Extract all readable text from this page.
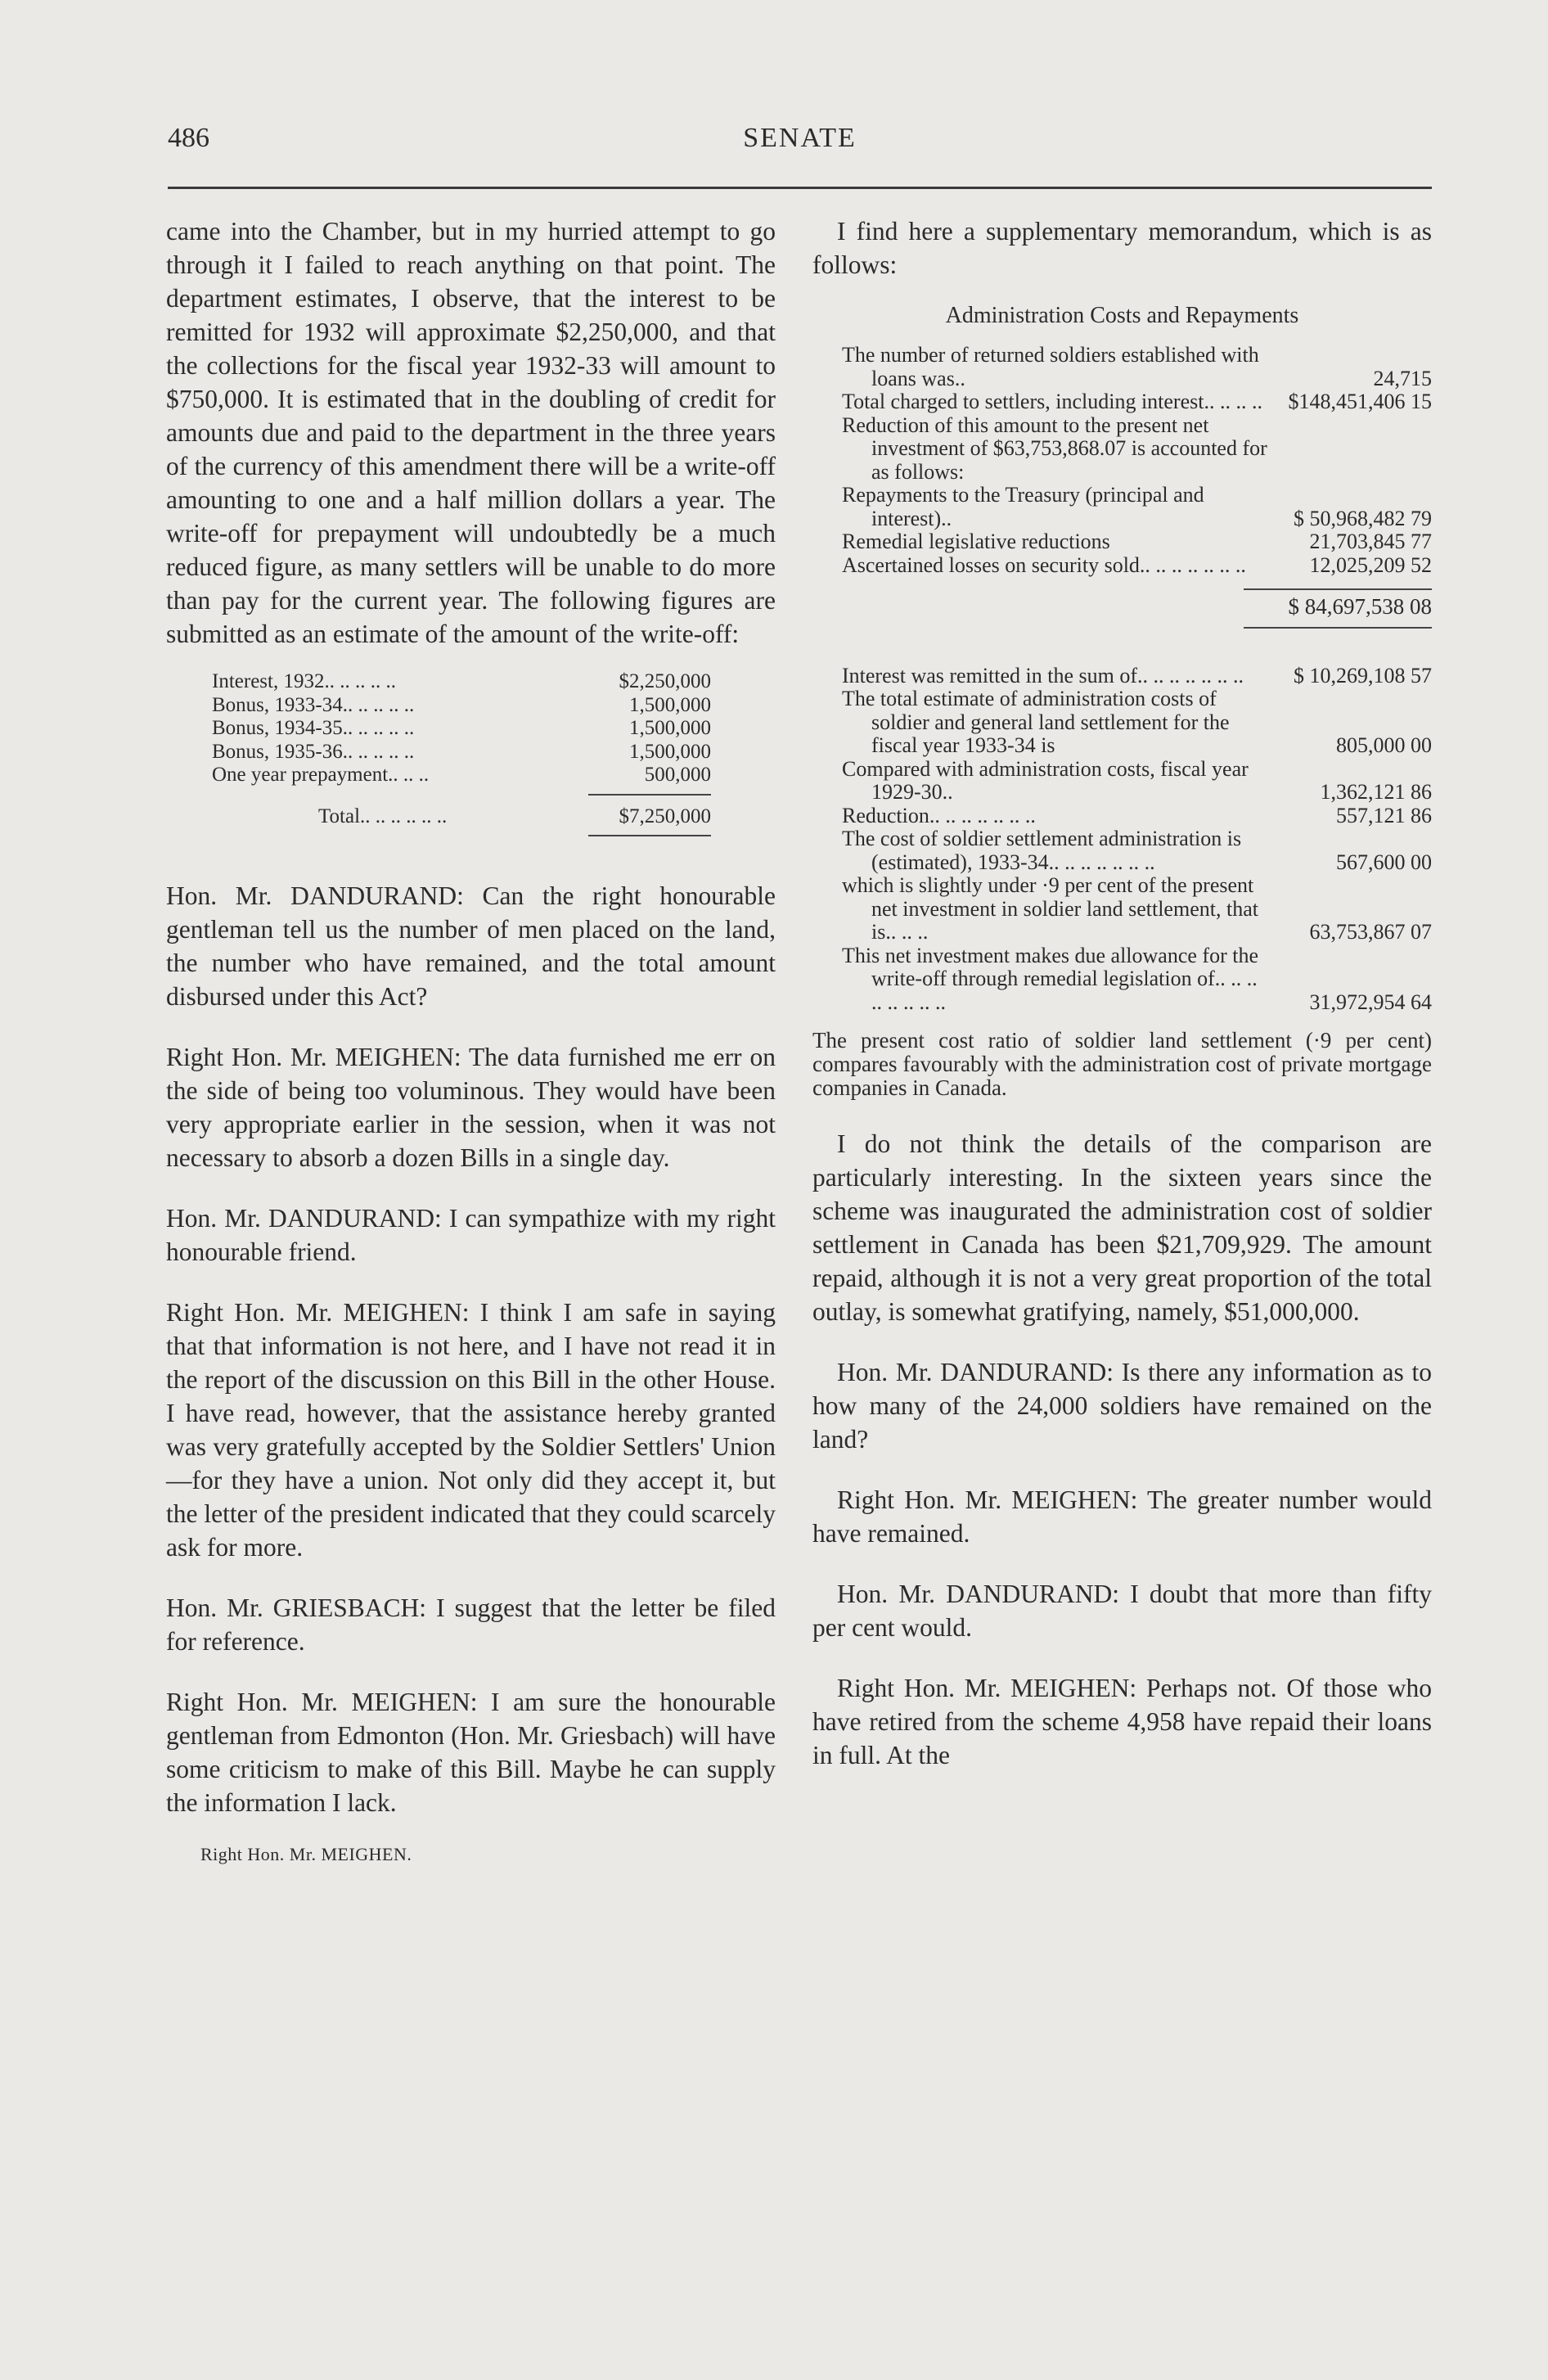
486	SENATE

came into the Chamber, but in my hurried attempt to go through it I failed to reach anything on that point. The department estimates, I observe, that the interest to be remitted for 1932 will approximate $2,250,000, and that the collections for the fiscal year 1932-33 will amount to $750,000. It is estimated that in the doubling of credit for amounts due and paid to the department in the three years of the currency of this amendment there will be a write-off amounting to one and a half million dollars a year. The write-off for prepayment will undoubtedly be a much reduced figure, as many settlers will be unable to do more than pay for the current year. The following figures are submitted as an estimate of the amount of the write-off:

Interest, 1932.. .. .. .. ..	$2,250,000
Bonus, 1933-34.. .. .. .. ..	1,500,000
Bonus, 1934-35.. .. .. .. ..	1,500,000
Bonus, 1935-36.. .. .. .. ..	1,500,000
One year prepayment.. .. ..	500,000
Total.. .. .. .. .. ..	$7,250,000

Hon. Mr. DANDURAND: Can the right honourable gentleman tell us the number of men placed on the land, the number who have remained, and the total amount disbursed under this Act?

Right Hon. Mr. MEIGHEN: The data furnished me err on the side of being too voluminous. They would have been very appropriate earlier in the session, when it was not necessary to absorb a dozen Bills in a single day.

Hon. Mr. DANDURAND: I can sympathize with my right honourable friend.

Right Hon. Mr. MEIGHEN: I think I am safe in saying that that information is not here, and I have not read it in the report of the discussion on this Bill in the other House. I have read, however, that the assistance hereby granted was very gratefully accepted by the Soldier Settlers' Union —for they have a union. Not only did they accept it, but the letter of the president indicated that they could scarcely ask for more.

Hon. Mr. GRIESBACH: I suggest that the letter be filed for reference.

Right Hon. Mr. MEIGHEN: I am sure the honourable gentleman from Edmonton (Hon. Mr. Griesbach) will have some criticism to make of this Bill. Maybe he can supply the information I lack.

Right Hon. Mr. MEIGHEN.

I find here a supplementary memorandum, which is as follows:

Administration Costs and Repayments
The number of returned soldiers established with loans was..	24,715
Total charged to settlers, including interest.. .. .. ..	$148,451,406 15
Reduction of this amount to the present net investment of $63,753,868.07 is accounted for as follows:
Repayments to the Treasury (principal and interest)..	$ 50,968,482 79
Remedial legislative reductions	21,703,845 77
Ascertained losses on security sold.. .. .. .. .. .. ..	12,025,209 52
$ 84,697,538 08
Interest was remitted in the sum of.. .. .. .. .. .. ..	$ 10,269,108 57
The total estimate of administration costs of soldier and general land settlement for the fiscal year 1933-34 is	805,000 00
Compared with administration costs, fiscal year 1929-30..	1,362,121 86
Reduction.. .. .. .. .. .. ..	557,121 86
The cost of soldier settlement administration is (estimated), 1933-34.. .. .. .. .. .. ..	567,600 00
which is slightly under ·9 per cent of the present net investment in soldier land settlement, that is.. .. ..	63,753,867 07
This net investment makes due allowance for the write-off through remedial legislation of.. .. .. .. .. .. .. ..	31,972,954 64

The present cost ratio of soldier land settlement (·9 per cent) compares favourably with the administration cost of private mortgage companies in Canada.

I do not think the details of the comparison are particularly interesting. In the sixteen years since the scheme was inaugurated the administration cost of soldier settlement in Canada has been $21,709,929. The amount repaid, although it is not a very great proportion of the total outlay, is somewhat gratifying, namely, $51,000,000.

Hon. Mr. DANDURAND: Is there any information as to how many of the 24,000 soldiers have remained on the land?

Right Hon. Mr. MEIGHEN: The greater number would have remained.

Hon. Mr. DANDURAND: I doubt that more than fifty per cent would.

Right Hon. Mr. MEIGHEN: Perhaps not. Of those who have retired from the scheme 4,958 have repaid their loans in full. At the
